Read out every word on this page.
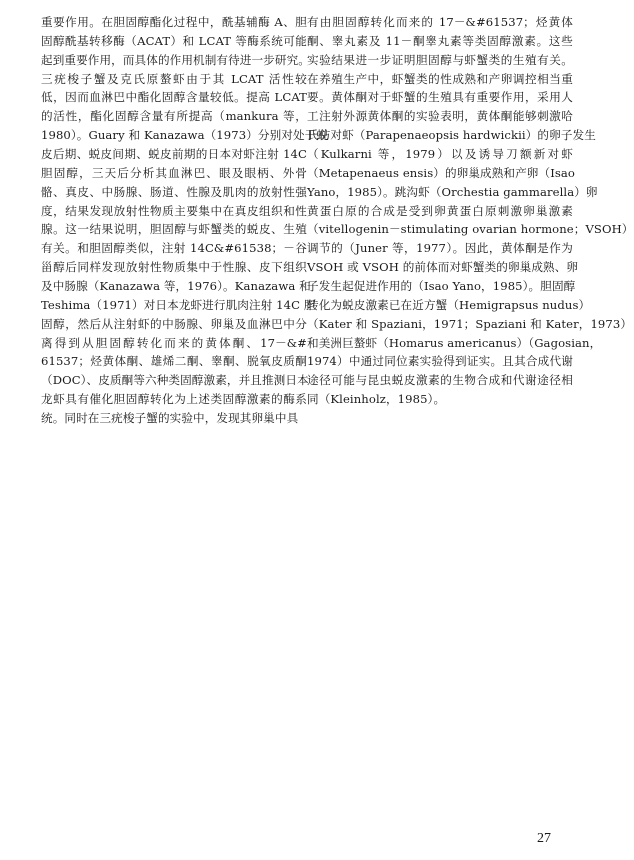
重要作用。在胆固醇酯化过程中，酰基辅酶 A、胆
固醇酰基转移酶（ACAT）和 LCAT 等酶系统可能
起到重要作用，而具体的作用机制有待进一步研究。
三疣梭子蟹及克氏原螯虾由于其 LCAT 活性较
低，因而血淋巴中酯化固醇含量较低。提高 LCAT
的活性，酯化固醇含量有所提高（mankura 等，
1980）。Guary 和 Kanazawa（1973）分别对处于蜕
皮后期、蜕皮间期、蜕皮前期的日本对虾注射 14C
胆固醇，三天后分析其血淋巴、眼及眼柄、外骨
骼、真皮、中肠腺、肠道、性腺及肌肉的放射性强
度，结果发现放射性物质主要集中在真皮组织和性
腺。这一结果说明，胆固醇与虾蟹类的蜕皮、生殖
有关。和胆固醇类似，注射 14C&#61538；－谷
甾醇后同样发现放射性物质集中于性腺、皮下组织
及中肠腺（Kanazawa 等，1976）。Kanazawa 和
Teshima（1971）对日本龙虾进行肌肉注射 14C 胆
固醇，然后从注射虾的中肠腺、卵巢及血淋巴中分
离得到从胆固醇转化而来的黄体酮、17－&#
61537；烃黄体酮、雄烯二酮、睾酮、脱氧皮质酮
（DOC）、皮质酮等六种类固醇激素，并且推测日本
龙虾具有催化胆固醇转化为上述类固醇激素的酶系
统。同时在三疣梭子蟹的实验中，发现其卵巢中具
有由胆固醇转化而来的 17－&#61537；烃黄体
酮、睾丸素及 11－酮睾丸素等类固醇激素。这些
实验结果进一步证明胆固醇与虾蟹类的生殖有关。
在养殖生产中，虾蟹类的性成熟和产卵调控相当重
要。黄体酮对于虾蟹的生殖具有重要作用，采用人
工注射外源黄体酮的实验表明，黄体酮能够刺激哈
氏仿对虾（Parapenaeopsis hardwickii）的卵子发生
（Kulkarni 等，1979）以及诱导刀额新对虾
（Metapenaeus ensis）的卵巢成熟和产卵（Isao
Yano，1985）。跳沟虾（Orchestia gammarella）卵
黄蛋白原的合成是受到卵黄蛋白原刺激卵巢激素
（vitellogenin－stimulating ovarian hormone；VSOH）
调节的（Juner 等，1977）。因此，黄体酮是作为
VSOH 或 VSOH 的前体而对虾蟹类的卵巢成熟、卵
子发生起促进作用的（Isao Yano，1985）。胆固醇
转化为蜕皮激素已在近方蟹（Hemigrapsus nudus）
（Kater 和 Spaziani，1971；Spaziani 和 Kater，1973）
和美洲巨螯虾（Homarus americanus）（Gagosian，
1974）中通过同位素实验得到证实。且其合成代谢
途径可能与昆虫蜕皮激素的生物合成和代谢途径相
同（Kleinholz，1985）。
27
